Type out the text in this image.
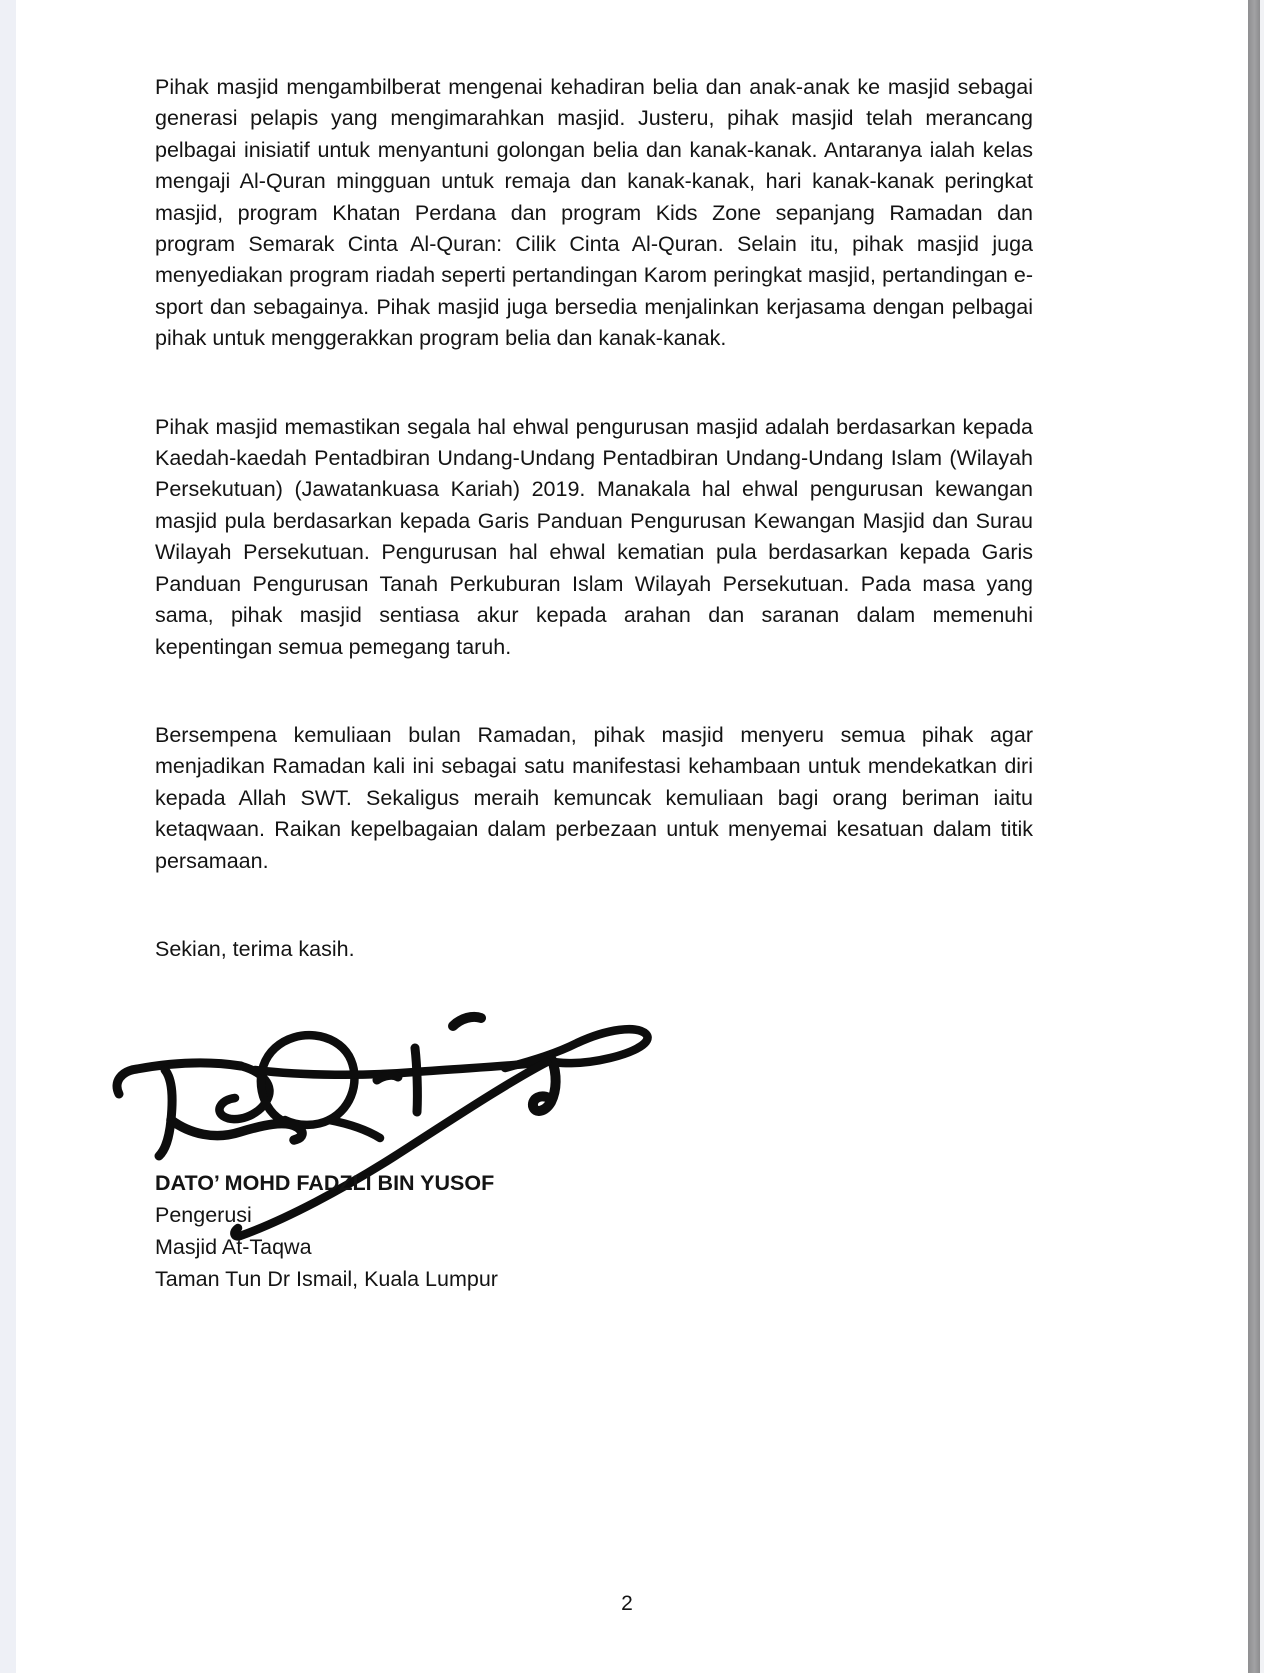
Pihak masjid mengambilberat mengenai kehadiran belia dan anak-anak ke masjid sebagai generasi pelapis yang mengimarahkan masjid. Justeru, pihak masjid telah merancang pelbagai inisiatif untuk menyantuni golongan belia dan kanak-kanak. Antaranya ialah kelas mengaji Al-Quran mingguan untuk remaja dan kanak-kanak, hari kanak-kanak peringkat masjid, program Khatan Perdana dan program Kids Zone sepanjang Ramadan dan program Semarak Cinta Al-Quran: Cilik Cinta Al-Quran. Selain itu, pihak masjid juga menyediakan program riadah seperti pertandingan Karom peringkat masjid, pertandingan e-sport dan sebagainya. Pihak masjid juga bersedia menjalinkan kerjasama dengan pelbagai pihak untuk menggerakkan program belia dan kanak-kanak.

Pihak masjid memastikan segala hal ehwal pengurusan masjid adalah berdasarkan kepada Kaedah-kaedah Pentadbiran Undang-Undang Pentadbiran Undang-Undang Islam (Wilayah Persekutuan) (Jawatankuasa Kariah) 2019. Manakala hal ehwal pengurusan kewangan masjid pula berdasarkan kepada Garis Panduan Pengurusan Kewangan Masjid dan Surau Wilayah Persekutuan. Pengurusan hal ehwal kematian pula berdasarkan kepada Garis Panduan Pengurusan Tanah Perkuburan Islam Wilayah Persekutuan. Pada masa yang sama, pihak masjid sentiasa akur kepada arahan dan saranan dalam memenuhi kepentingan semua pemegang taruh.

Bersempena kemuliaan bulan Ramadan, pihak masjid menyeru semua pihak agar menjadikan Ramadan kali ini sebagai satu manifestasi kehambaan untuk mendekatkan diri kepada Allah SWT. Sekaligus meraih kemuncak kemuliaan bagi orang beriman iaitu ketaqwaan. Raikan kepelbagaian dalam perbezaan untuk menyemai kesatuan dalam titik persamaan.

Sekian, terima kasih.

DATO’ MOHD FADZLI BIN YUSOF
Pengerusi
Masjid At-Taqwa
Taman Tun Dr Ismail, Kuala Lumpur
2
